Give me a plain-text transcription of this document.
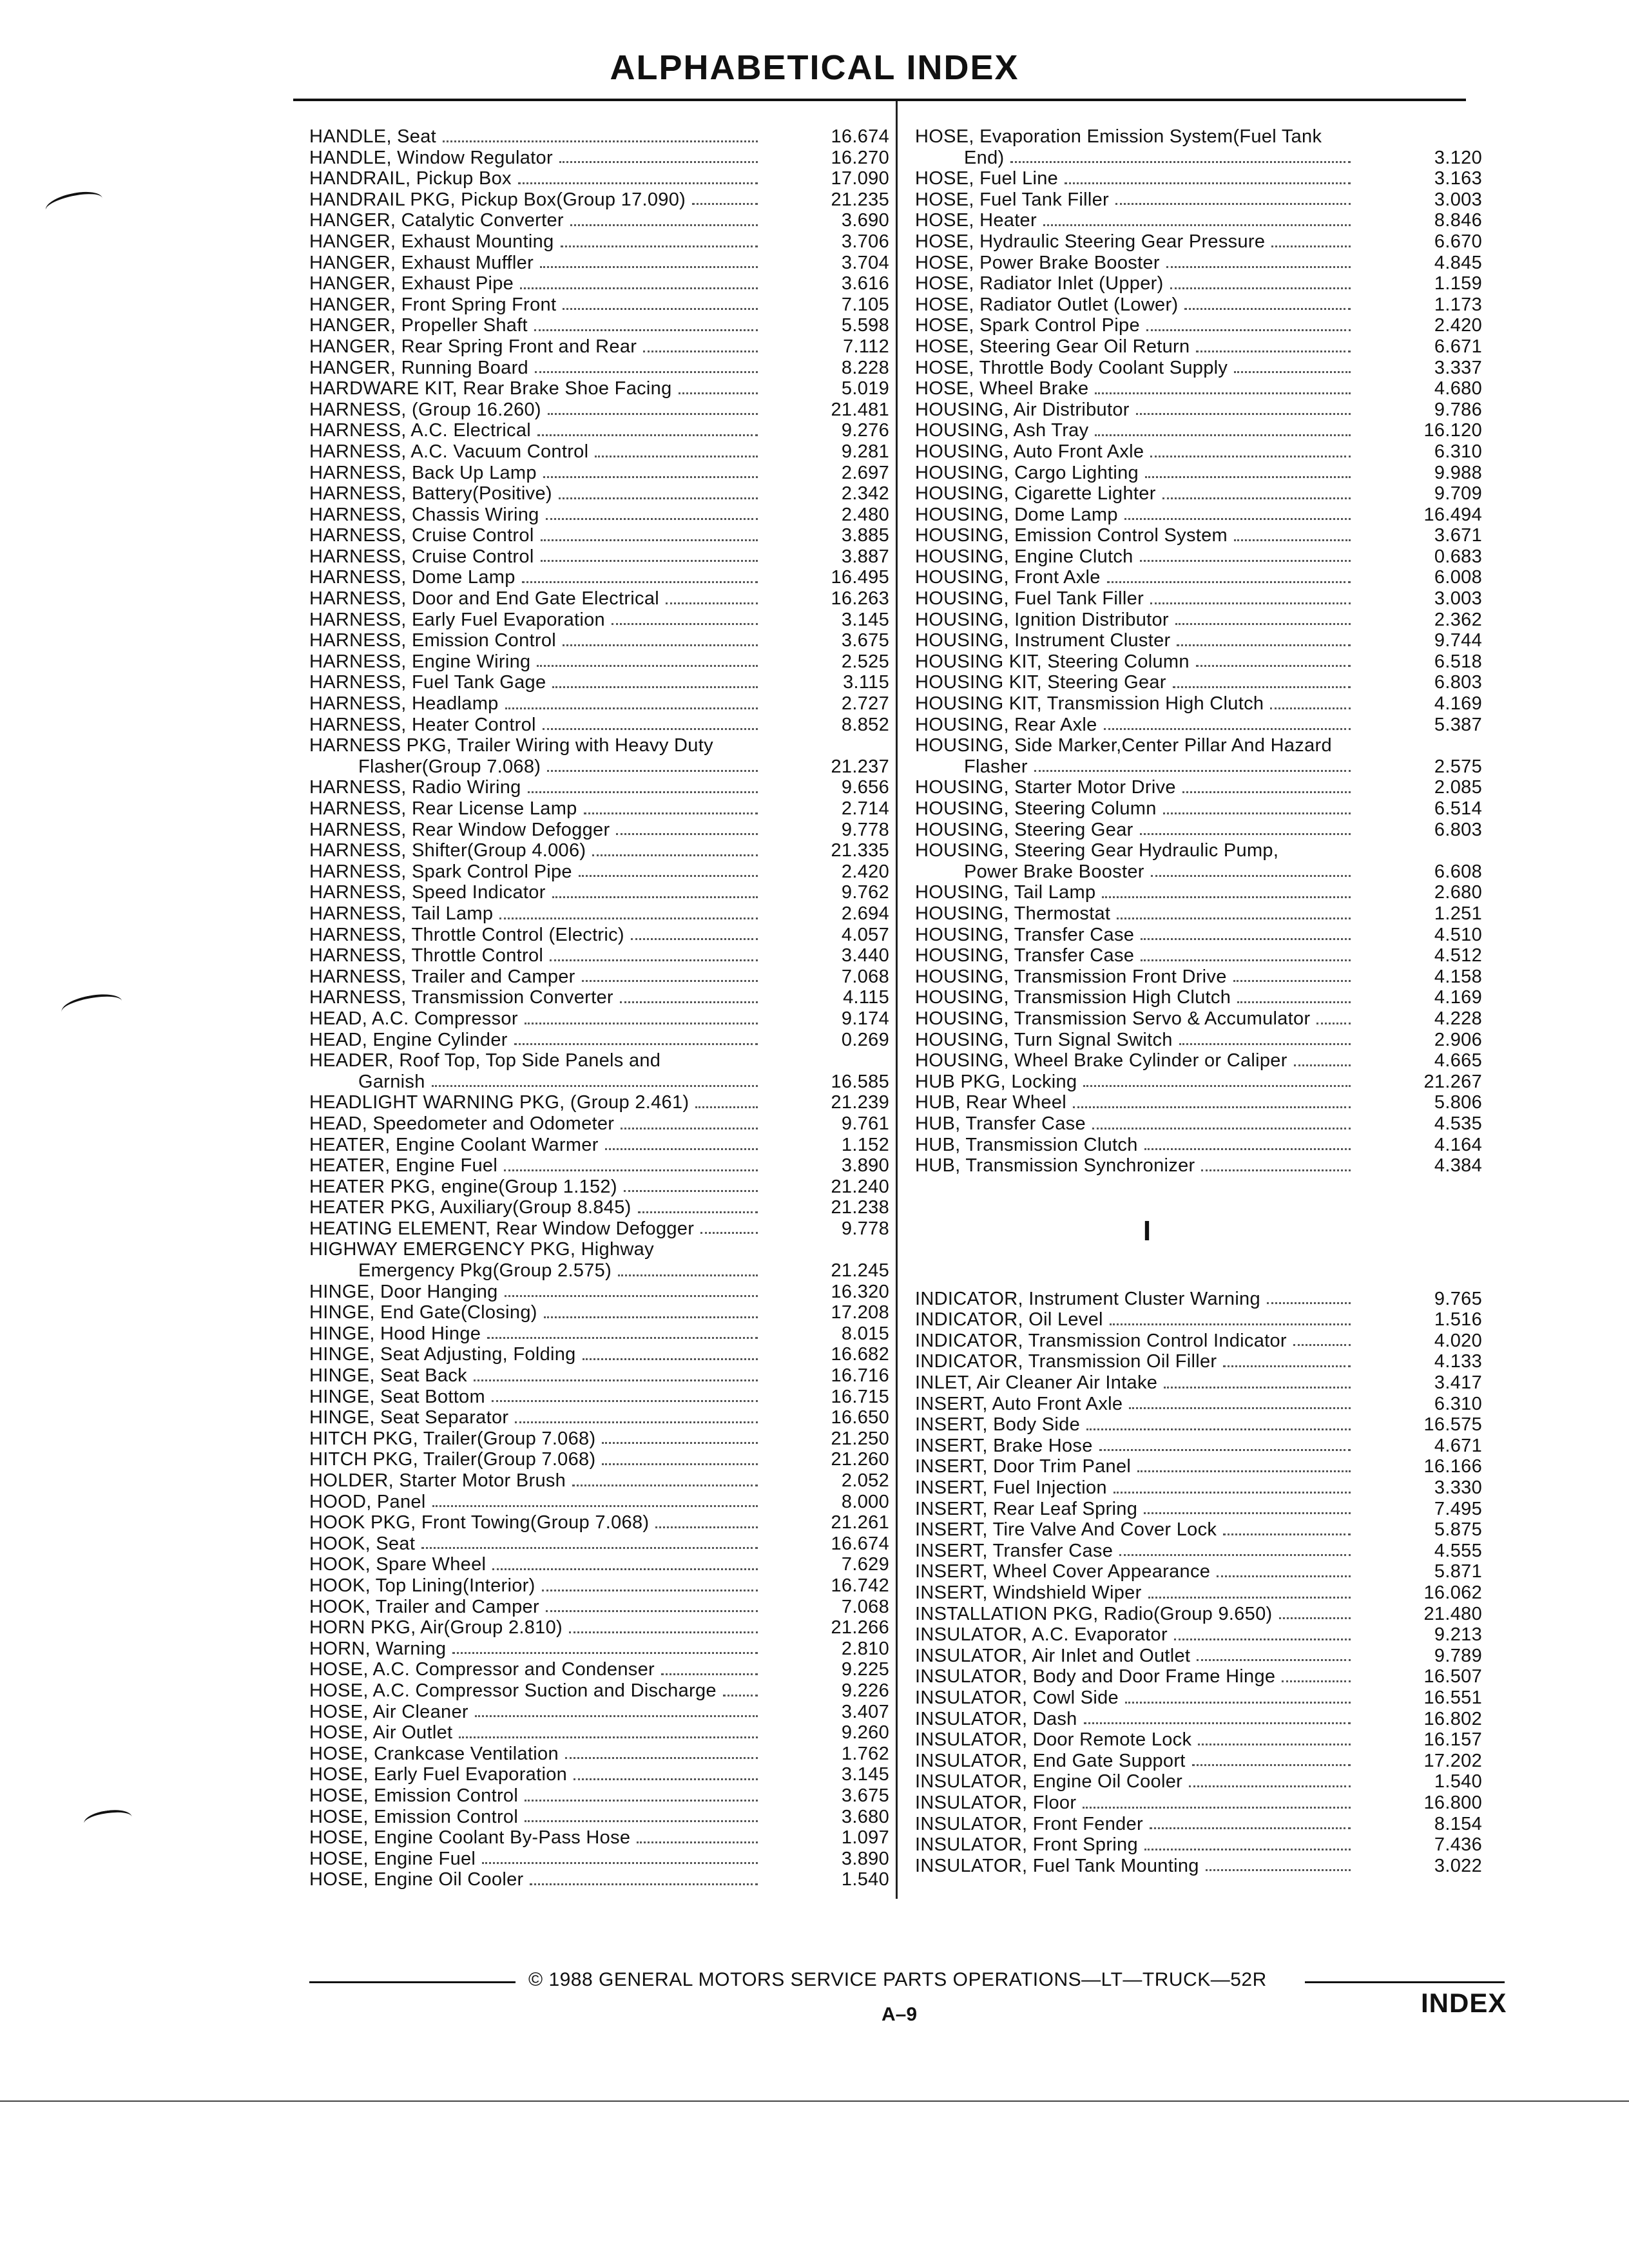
ALPHABETICAL INDEX
HANDLE, Seat	16.674
HANDLE, Window Regulator	16.270
HANDRAIL, Pickup Box	17.090
HANDRAIL PKG, Pickup Box(Group 17.090)	21.235
HANGER, Catalytic Converter	3.690
HANGER, Exhaust Mounting	3.706
HANGER, Exhaust Muffler	3.704
HANGER, Exhaust Pipe	3.616
HANGER, Front Spring Front	7.105
HANGER, Propeller Shaft	5.598
HANGER, Rear Spring Front and Rear	7.112
HANGER, Running Board	8.228
HARDWARE KIT, Rear Brake Shoe Facing	5.019
HARNESS, (Group 16.260)	21.481
HARNESS, A.C. Electrical	9.276
HARNESS, A.C. Vacuum Control	9.281
HARNESS, Back Up Lamp	2.697
HARNESS, Battery(Positive)	2.342
HARNESS, Chassis Wiring	2.480
HARNESS, Cruise Control	3.885
HARNESS, Cruise Control	3.887
HARNESS, Dome Lamp	16.495
HARNESS, Door and End Gate Electrical	16.263
HARNESS, Early Fuel Evaporation	3.145
HARNESS, Emission Control	3.675
HARNESS, Engine Wiring	2.525
HARNESS, Fuel Tank Gage	3.115
HARNESS, Headlamp	2.727
HARNESS, Heater Control	8.852
HARNESS PKG, Trailer Wiring with Heavy Duty
Flasher(Group 7.068)	21.237
HARNESS, Radio Wiring	9.656
HARNESS, Rear License Lamp	2.714
HARNESS, Rear Window Defogger	9.778
HARNESS, Shifter(Group 4.006)	21.335
HARNESS, Spark Control Pipe	2.420
HARNESS, Speed Indicator	9.762
HARNESS, Tail Lamp	2.694
HARNESS, Throttle Control (Electric)	4.057
HARNESS, Throttle Control	3.440
HARNESS, Trailer and Camper	7.068
HARNESS, Transmission Converter	4.115
HEAD, A.C. Compressor	9.174
HEAD, Engine Cylinder	0.269
HEADER, Roof Top, Top Side Panels and
Garnish	16.585
HEADLIGHT WARNING PKG, (Group 2.461)	21.239
HEAD, Speedometer and Odometer	9.761
HEATER, Engine Coolant Warmer	1.152
HEATER, Engine Fuel	3.890
HEATER PKG, engine(Group 1.152)	21.240
HEATER PKG, Auxiliary(Group 8.845)	21.238
HEATING ELEMENT, Rear Window Defogger	9.778
HIGHWAY EMERGENCY PKG, Highway
Emergency Pkg(Group 2.575)	21.245
HINGE, Door Hanging	16.320
HINGE, End Gate(Closing)	17.208
HINGE, Hood Hinge	8.015
HINGE, Seat Adjusting, Folding	16.682
HINGE, Seat Back	16.716
HINGE, Seat Bottom	16.715
HINGE, Seat Separator	16.650
HITCH PKG, Trailer(Group 7.068)	21.250
HITCH PKG, Trailer(Group 7.068)	21.260
HOLDER, Starter Motor Brush	2.052
HOOD, Panel	8.000
HOOK PKG, Front Towing(Group 7.068)	21.261
HOOK, Seat	16.674
HOOK, Spare Wheel	7.629
HOOK, Top Lining(Interior)	16.742
HOOK, Trailer and Camper	7.068
HORN PKG, Air(Group 2.810)	21.266
HORN, Warning	2.810
HOSE, A.C. Compressor and Condenser	9.225
HOSE, A.C. Compressor Suction and Discharge	9.226
HOSE, Air Cleaner	3.407
HOSE, Air Outlet	9.260
HOSE, Crankcase Ventilation	1.762
HOSE, Early Fuel Evaporation	3.145
HOSE, Emission Control	3.675
HOSE, Emission Control	3.680
HOSE, Engine Coolant By-Pass Hose	1.097
HOSE, Engine Fuel	3.890
HOSE, Engine Oil Cooler	1.540
HOSE, Evaporation Emission System(Fuel Tank
End)	3.120
HOSE, Fuel Line	3.163
HOSE, Fuel Tank Filler	3.003
HOSE, Heater	8.846
HOSE, Hydraulic Steering Gear Pressure	6.670
HOSE, Power Brake Booster	4.845
HOSE, Radiator Inlet (Upper)	1.159
HOSE, Radiator Outlet (Lower)	1.173
HOSE, Spark Control Pipe	2.420
HOSE, Steering Gear Oil Return	6.671
HOSE, Throttle Body Coolant Supply	3.337
HOSE, Wheel Brake	4.680
HOUSING, Air Distributor	9.786
HOUSING, Ash Tray	16.120
HOUSING, Auto Front Axle	6.310
HOUSING, Cargo Lighting	9.988
HOUSING, Cigarette Lighter	9.709
HOUSING, Dome Lamp	16.494
HOUSING, Emission Control System	3.671
HOUSING, Engine Clutch	0.683
HOUSING, Front Axle	6.008
HOUSING, Fuel Tank Filler	3.003
HOUSING, Ignition Distributor	2.362
HOUSING, Instrument Cluster	9.744
HOUSING KIT, Steering Column	6.518
HOUSING KIT, Steering Gear	6.803
HOUSING KIT, Transmission High Clutch	4.169
HOUSING, Rear Axle	5.387
HOUSING, Side Marker,Center Pillar And Hazard
Flasher	2.575
HOUSING, Starter Motor Drive	2.085
HOUSING, Steering Column	6.514
HOUSING, Steering Gear	6.803
HOUSING, Steering Gear Hydraulic Pump,
Power Brake Booster	6.608
HOUSING, Tail Lamp	2.680
HOUSING, Thermostat	1.251
HOUSING, Transfer Case	4.510
HOUSING, Transfer Case	4.512
HOUSING, Transmission Front Drive	4.158
HOUSING, Transmission High Clutch	4.169
HOUSING, Transmission Servo & Accumulator	4.228
HOUSING, Turn Signal Switch	2.906
HOUSING, Wheel Brake Cylinder or Caliper	4.665
HUB PKG, Locking	21.267
HUB, Rear Wheel	5.806
HUB, Transfer Case	4.535
HUB, Transmission Clutch	4.164
HUB, Transmission Synchronizer	4.384
I
INDICATOR, Instrument Cluster Warning	9.765
INDICATOR, Oil Level	1.516
INDICATOR, Transmission Control Indicator	4.020
INDICATOR, Transmission Oil Filler	4.133
INLET, Air Cleaner Air Intake	3.417
INSERT, Auto Front Axle	6.310
INSERT, Body Side	16.575
INSERT, Brake Hose	4.671
INSERT, Door Trim Panel	16.166
INSERT, Fuel Injection	3.330
INSERT, Rear Leaf Spring	7.495
INSERT, Tire Valve And Cover Lock	5.875
INSERT, Transfer Case	4.555
INSERT, Wheel Cover Appearance	5.871
INSERT, Windshield Wiper	16.062
INSTALLATION PKG, Radio(Group 9.650)	21.480
INSULATOR, A.C. Evaporator	9.213
INSULATOR, Air Inlet and Outlet	9.789
INSULATOR, Body and Door Frame Hinge	16.507
INSULATOR, Cowl Side	16.551
INSULATOR, Dash	16.802
INSULATOR, Door Remote Lock	16.157
INSULATOR, End Gate Support	17.202
INSULATOR, Engine Oil Cooler	1.540
INSULATOR, Floor	16.800
INSULATOR, Front Fender	8.154
INSULATOR, Front Spring	7.436
INSULATOR, Fuel Tank Mounting	3.022
© 1988 GENERAL MOTORS SERVICE PARTS OPERATIONS—LT—TRUCK—52R
A–9	INDEX
